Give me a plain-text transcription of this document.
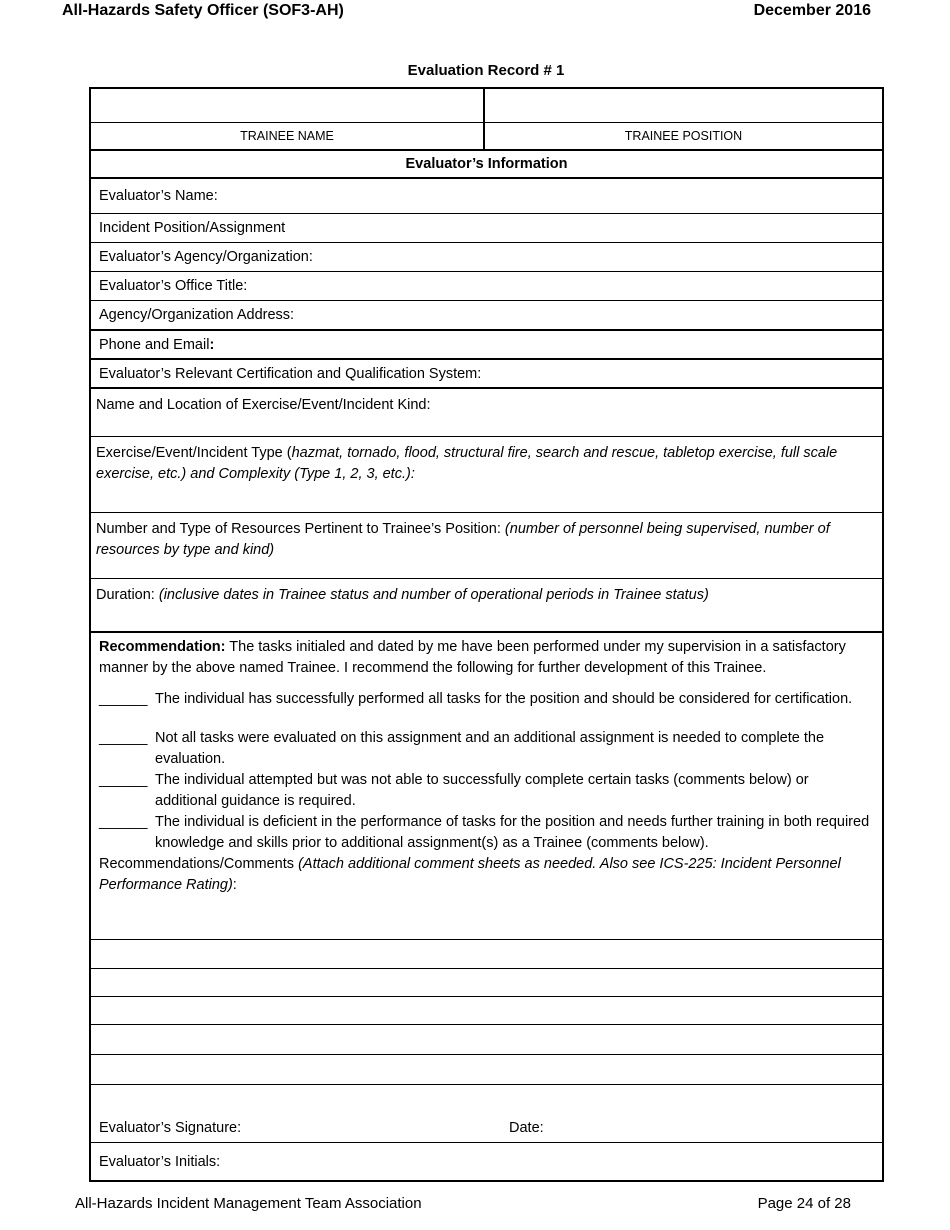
All-Hazards Safety Officer (SOF3-AH)	December 2016
Evaluation Record # 1
TRAINEE NAME	TRAINEE POSITION
Evaluator’s Information
Evaluator’s Name:
Incident Position/Assignment
Evaluator’s Agency/Organization:
Evaluator’s Office Title:
Agency/Organization Address:
Phone and Email :
Evaluator’s Relevant Certification and Qualification System:
Name and Location of Exercise/Event/Incident Kind:
Exercise/Event/Incident Type (hazmat, tornado, flood, structural fire, search and rescue, tabletop exercise, full scale exercise, etc.) and Complexity (Type 1, 2, 3, etc.):
Number and Type of Resources Pertinent to Trainee’s Position: (number of personnel being supervised, number of resources by type and kind)
Duration: (inclusive dates in Trainee status and number of operational periods in Trainee status)
Recommendation: The tasks initialed and dated by me have been performed under my supervision in a satisfactory manner by the above named Trainee. I recommend the following for further development of this Trainee.
______ The individual has successfully performed all tasks for the position and should be considered for certification.
______ Not all tasks were evaluated on this assignment and an additional assignment is needed to complete the evaluation.
______ The individual attempted but was not able to successfully complete certain tasks (comments below) or additional guidance is required.
______ The individual is deficient in the performance of tasks for the position and needs further training in both required knowledge and skills prior to additional assignment(s) as a Trainee (comments below).
Recommendations/Comments (Attach additional comment sheets as needed. Also see ICS-225: Incident Personnel Performance Rating):
Evaluator’s Signature:	Date:
Evaluator’s Initials:
All-Hazards Incident Management Team Association	Page 24 of 28
